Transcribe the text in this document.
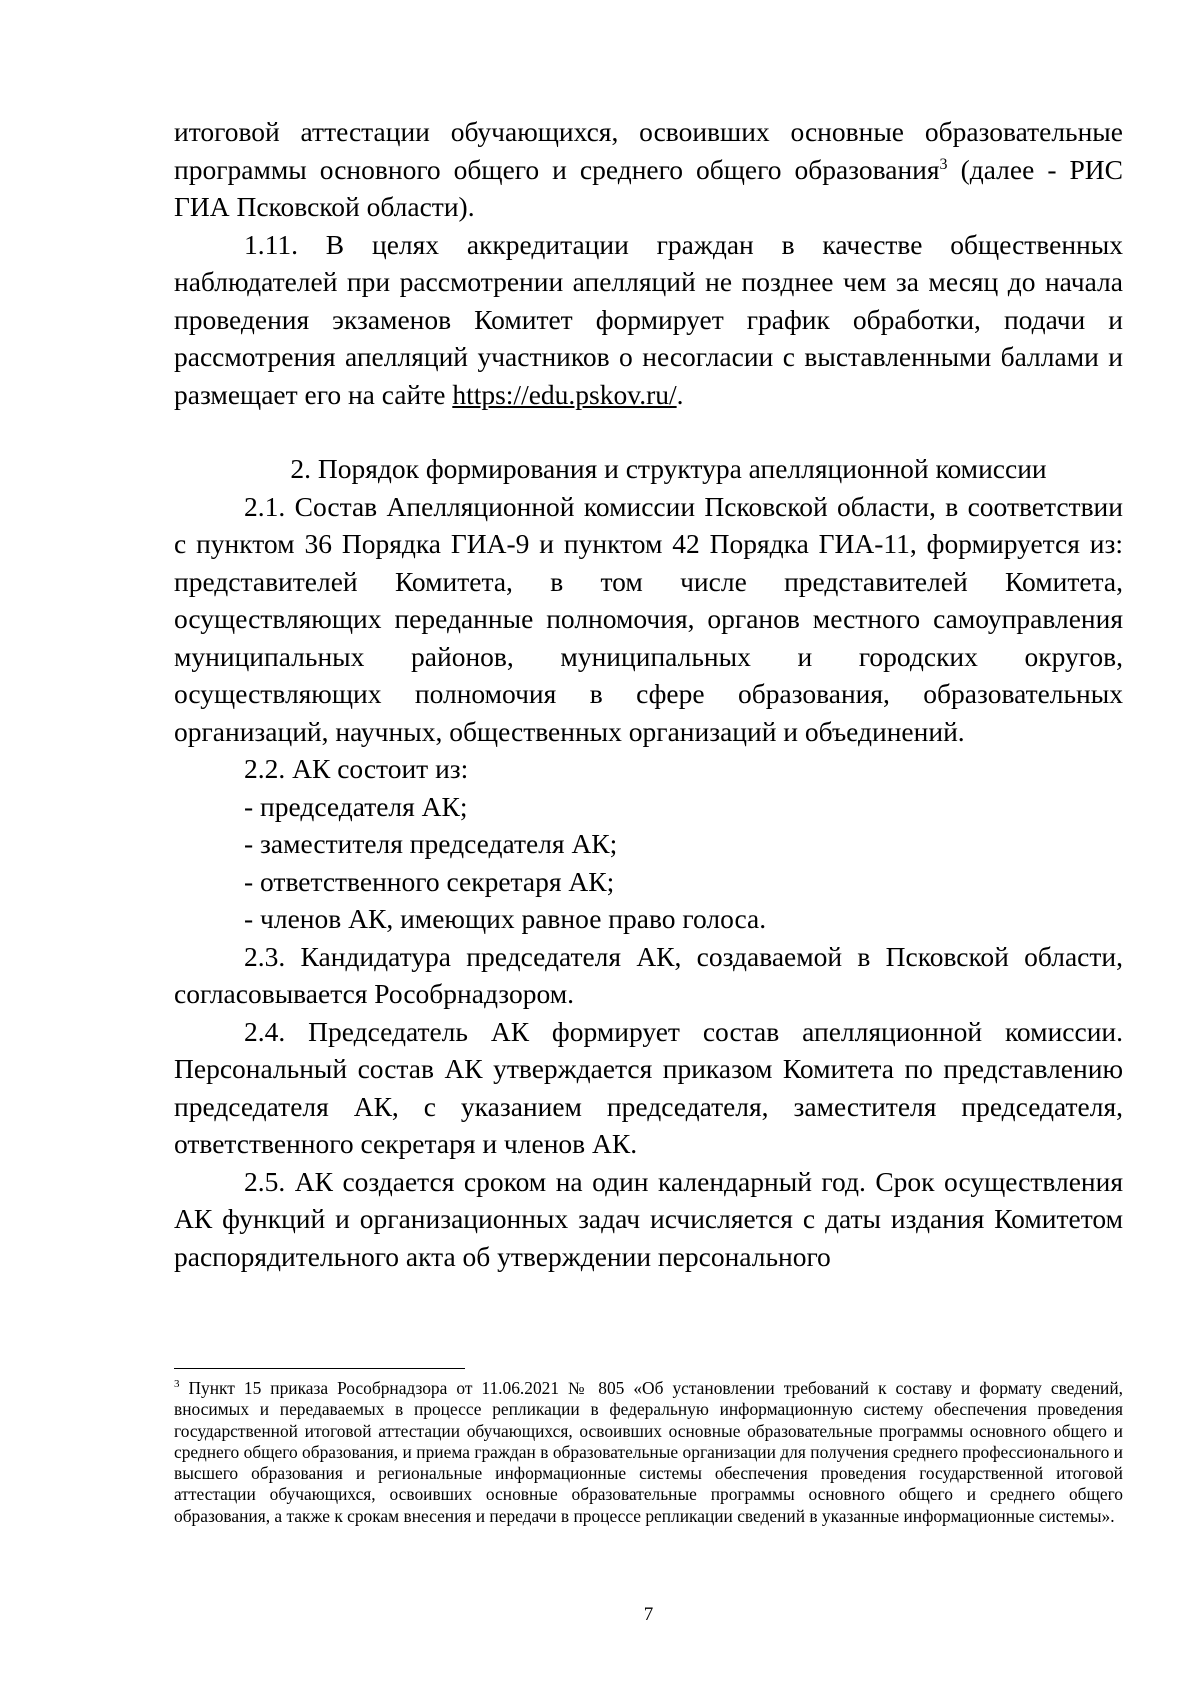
итоговой аттестации обучающихся, освоивших основные образовательные программы основного общего и среднего общего образования$^3$ (далее - РИС ГИА Псковской области).

1.11. В целях аккредитации граждан в качестве общественных наблюдателей при рассмотрении апелляций не позднее чем за месяц до начала проведения экзаменов Комитет формирует график обработки, подачи и рассмотрения апелляций участников о несогласии с выставленными баллами и размещает его на сайте https://edu.pskov.ru/.

2. Порядок формирования и структура апелляционной комиссии

2.1. Состав Апелляционной комиссии Псковской области, в соответствии с пунктом 36 Порядка ГИА-9 и пунктом 42 Порядка ГИА-11, формируется из: представителей Комитета, в том числе представителей Комитета, осуществляющих переданные полномочия, органов местного самоуправления муниципальных районов, муниципальных и городских округов, осуществляющих полномочия в сфере образования, образовательных организаций, научных, общественных организаций и объединений.

2.2. АК состоит из:

- председателя АК;

- заместителя председателя АК;

- ответственного секретаря АК;

- членов АК, имеющих равное право голоса.

2.3. Кандидатура председателя АК, создаваемой в Псковской области, согласовывается Рособрнадзором.

2.4. Председатель АК формирует состав апелляционной комиссии. Персональный состав АК утверждается приказом Комитета по представлению председателя АК, с указанием председателя, заместителя председателя, ответственного секретаря и членов АК.

2.5. АК создается сроком на один календарный год. Срок осуществления АК функций и организационных задач исчисляется с даты издания Комитетом распорядительного акта об утверждении персонального

$^3$ Пункт 15 приказа Рособрнадзора от 11.06.2021 № 805 «Об установлении требований к составу и формату сведений, вносимых и передаваемых в процессе репликации в федеральную информационную систему обеспечения проведения государственной итоговой аттестации обучающихся, освоивших основные образовательные программы основного общего и среднего общего образования, и приема граждан в образовательные организации для получения среднего профессионального и высшего образования и региональные информационные системы обеспечения проведения государственной итоговой аттестации обучающихся, освоивших основные образовательные программы основного общего и среднего общего образования, а также к срокам внесения и передачи в процессе репликации сведений в указанные информационные системы».

7
